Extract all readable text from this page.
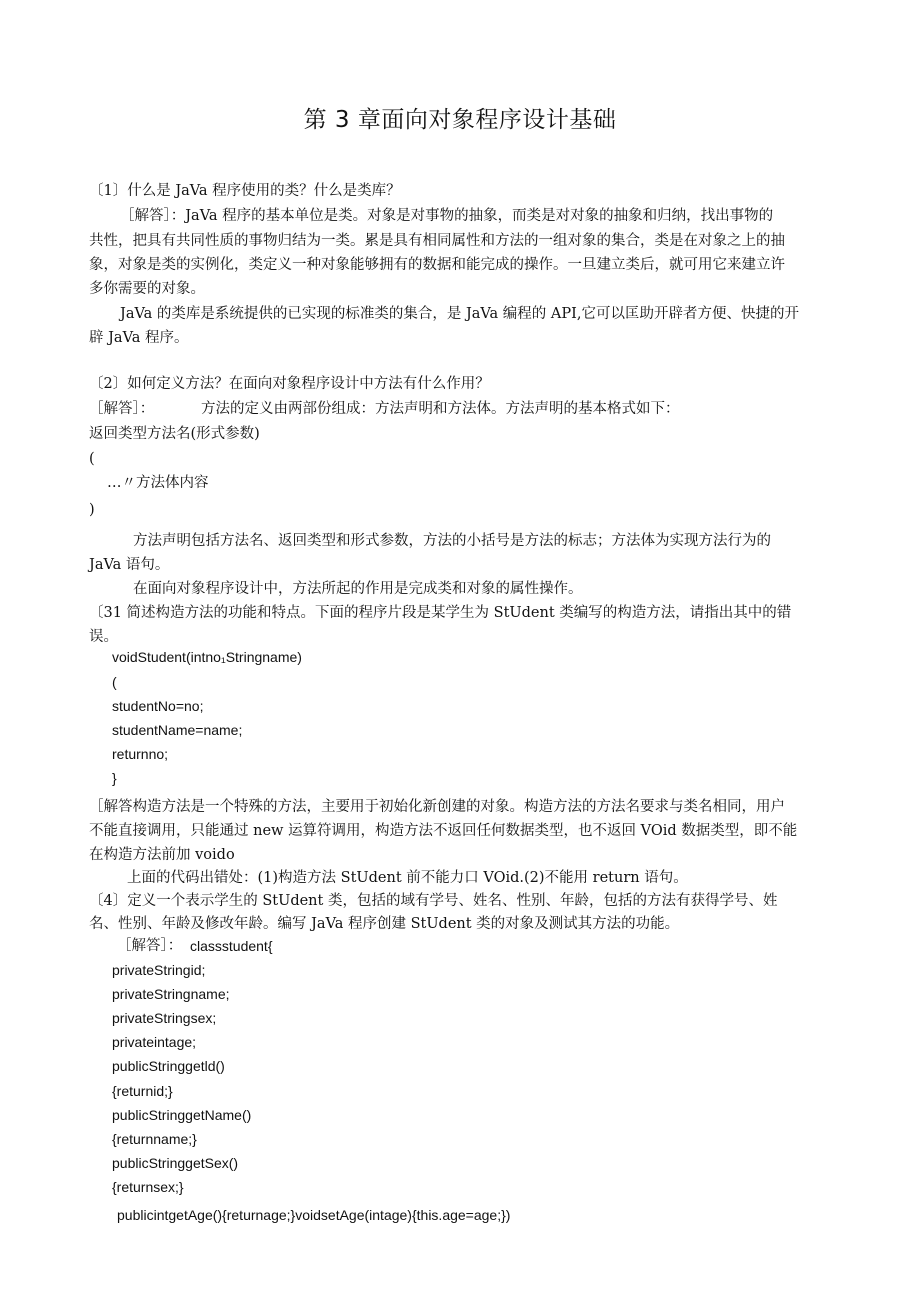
第 3 章面向对象程序设计基础
〔1〕什么是 JaVa 程序使用的类？什么是类库？
［解答］：JaVa 程序的基本单位是类。对象是对事物的抽象，而类是对对象的抽象和归纳，找出事物的
共性，把具有共同性质的事物归结为一类。累是具有相同属性和方法的一组对象的集合，类是在对象之上的抽
象，对象是类的实例化，类定义一种对象能够拥有的数据和能完成的操作。一旦建立类后，就可用它来建立许
多你需要的对象。
JaVa 的类库是系统提供的已实现的标准类的集合，是 JaVa 编程的 API,它可以匡助开辟者方便、快捷的开
辟 JaVa 程序。
〔2〕如何定义方法？在面向对象程序设计中方法有什么作用？
［解答］：	方法的定义由两部份组成：方法声明和方法体。方法声明的基本格式如下：
返回类型方法名(形式参数)
(
…〃方法体内容
)
方法声明包括方法名、返回类型和形式参数，方法的小括号是方法的标志；方法体为实现方法行为的
JaVa 语句。
在面向对象程序设计中，方法所起的作用是完成类和对象的属性操作。
〔31 简述构造方法的功能和特点。下面的程序片段是某学生为 StUdent 类编写的构造方法，请指出其中的错
误。
voidStudent(intno₁Stringname)
(
studentNo=no;
studentName=name;
returnno;
}
［解答构造方法是一个特殊的方法，主要用于初始化新创建的对象。构造方法的方法名要求与类名相同，用户
不能直接调用，只能通过 new 运算符调用，构造方法不返回任何数据类型，也不返回 VOid 数据类型，即不能
在构造方法前加 voido
上面的代码出错处：(1)构造方法 StUdent 前不能力口 VOid.(2)不能用 return 语句。
〔4〕定义一个表示学生的 StUdent 类，包括的域有学号、姓名、性别、年龄，包括的方法有获得学号、姓
名、性别、年龄及修改年龄。编写 JaVa 程序创建 StUdent 类的对象及测试其方法的功能。
［解答］： classstudent{
privateStringid;
privateStringname;
privateStringsex;
privateintage;
publicStringgetld()
{returnid;}
publicStringgetName()
{returnname;}
publicStringgetSex()
{returnsex;}
publicintgetAge(){returnage;}voidsetAge(intage){this.age=age;})
